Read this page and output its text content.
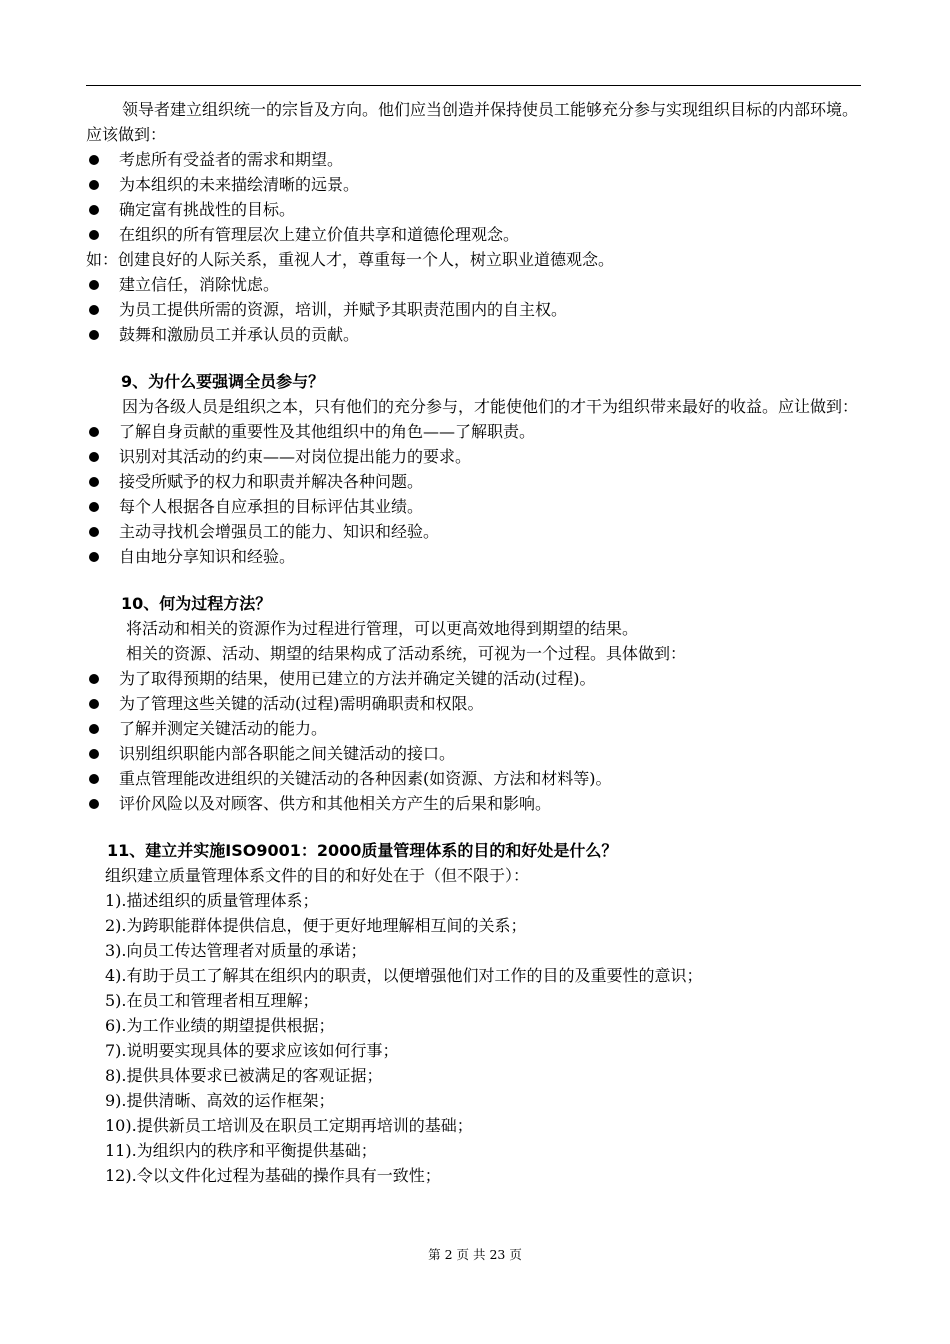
领导者建立组织统一的宗旨及方向。他们应当创造并保持使员工能够充分参与实现组织目标的内部环境。应该做到：

考虑所有受益者的需求和期望。
为本组织的未来描绘清晰的远景。
确定富有挑战性的目标。
在组织的所有管理层次上建立价值共享和道德伦理观念。

如：创建良好的人际关系，重视人才，尊重每一个人，树立职业道德观念。

建立信任，消除忧虑。
为员工提供所需的资源，培训，并赋予其职责范围内的自主权。
鼓舞和激励员工并承认员的贡献。

9、为什么要强调全员参与？

因为各级人员是组织之本，只有他们的充分参与，才能使他们的才干为组织带来最好的收益。应让做到：

了解自身贡献的重要性及其他组织中的角色——了解职责。
识别对其活动的约束——对岗位提出能力的要求。
接受所赋予的权力和职责并解决各种问题。
每个人根据各自应承担的目标评估其业绩。
主动寻找机会增强员工的能力、知识和经验。
自由地分享知识和经验。

10、何为过程方法？

将活动和相关的资源作为过程进行管理，可以更高效地得到期望的结果。

相关的资源、活动、期望的结果构成了活动系统，可视为一个过程。具体做到：

为了取得预期的结果，使用已建立的方法并确定关键的活动(过程)。
为了管理这些关键的活动(过程)需明确职责和权限。
了解并测定关键活动的能力。
识别组织职能内部各职能之间关键活动的接口。
重点管理能改进组织的关键活动的各种因素(如资源、方法和材料等)。
评价风险以及对顾客、供方和其他相关方产生的后果和影响。

11、建立并实施ISO9001：2000质量管理体系的目的和好处是什么？

组织建立质量管理体系文件的目的和好处在于（但不限于）：

1).描述组织的质量管理体系；

2).为跨职能群体提供信息，便于更好地理解相互间的关系；

3).向员工传达管理者对质量的承诺；

4).有助于员工了解其在组织内的职责，以便增强他们对工作的目的及重要性的意识；

5).在员工和管理者相互理解；

6).为工作业绩的期望提供根据；

7).说明要实现具体的要求应该如何行事；

8).提供具体要求已被满足的客观证据；

9).提供清晰、高效的运作框架；

10).提供新员工培训及在职员工定期再培训的基础；

11).为组织内的秩序和平衡提供基础；

12).令以文件化过程为基础的操作具有一致性；

第 2 页 共 23 页
